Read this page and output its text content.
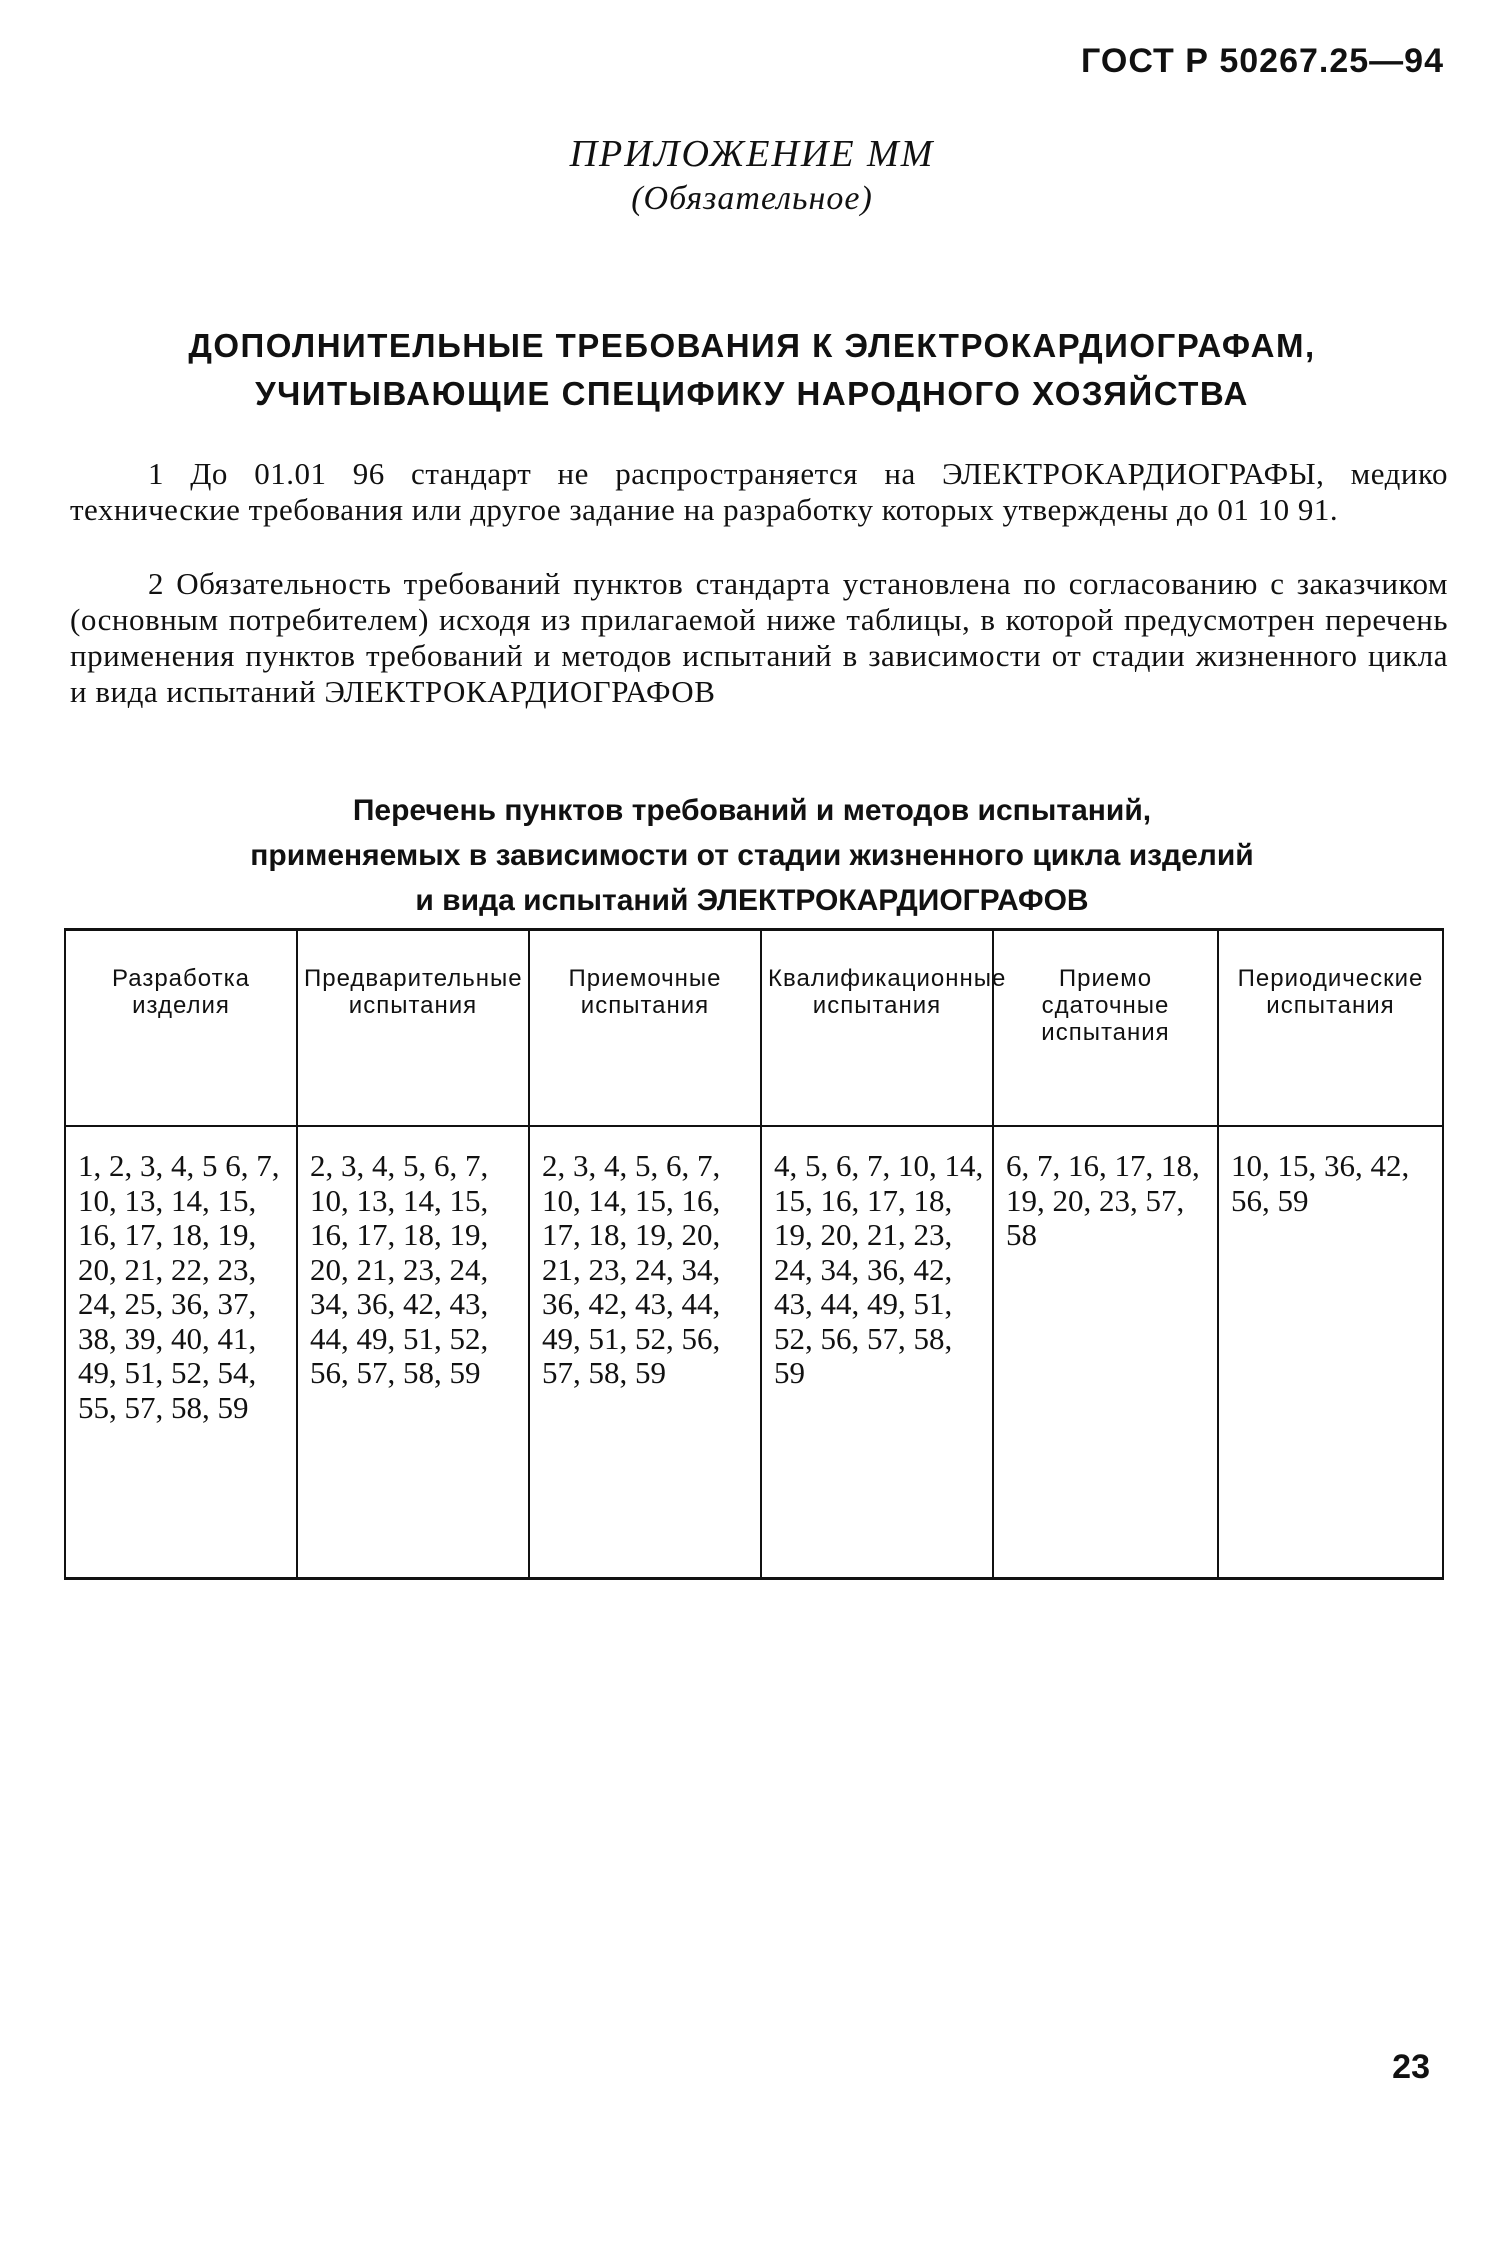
ГОСТ Р 50267.25—94
ПРИЛОЖЕНИЕ ММ
(Обязательное)
ДОПОЛНИТЕЛЬНЫЕ ТРЕБОВАНИЯ К ЭЛЕКТРОКАРДИОГРАФАМ,
УЧИТЫВАЮЩИЕ СПЕЦИФИКУ НАРОДНОГО ХОЗЯЙСТВА
1 До 01.01 96 стандарт не распространяется на ЭЛЕКТРОКАРДИОГРАФЫ, медико технические требования или другое задание на разработку которых утверждены до 01 10 91.
2 Обязательность требований пунктов стандарта установлена по согласованию с заказчиком (основным потребителем) исходя из прилагаемой ниже таблицы, в которой предусмотрен перечень применения пунктов требований и методов испытаний в зависимости от стадии жизненного цикла и вида испытаний ЭЛЕКТРОКАРДИОГРАФОВ
Перечень пунктов требований и методов испытаний,
применяемых в зависимости от стадии жизненного цикла изделий
и вида испытаний ЭЛЕКТРОКАРДИОГРАФОВ
Разработка изделия	Предварительные испытания	Приемочные испытания	Квалификационные испытания	Приемо сдаточные испытания	Периодические испытания
1, 2, 3, 4, 5 6, 7, 10, 13, 14, 15, 16, 17, 18, 19, 20, 21, 22, 23, 24, 25, 36, 37, 38, 39, 40, 41, 49, 51, 52, 54, 55, 57, 58, 59	2, 3, 4, 5, 6, 7, 10, 13, 14, 15, 16, 17, 18, 19, 20, 21, 23, 24, 34, 36, 42, 43, 44, 49, 51, 52, 56, 57, 58, 59	2, 3, 4, 5, 6, 7, 10, 14, 15, 16, 17, 18, 19, 20, 21, 23, 24, 34, 36, 42, 43, 44, 49, 51, 52, 56, 57, 58, 59	4, 5, 6, 7, 10, 14, 15, 16, 17, 18, 19, 20, 21, 23, 24, 34, 36, 42, 43, 44, 49, 51, 52, 56, 57, 58, 59	6, 7, 16, 17, 18, 19, 20, 23, 57, 58	10, 15, 36, 42, 56, 59
23
